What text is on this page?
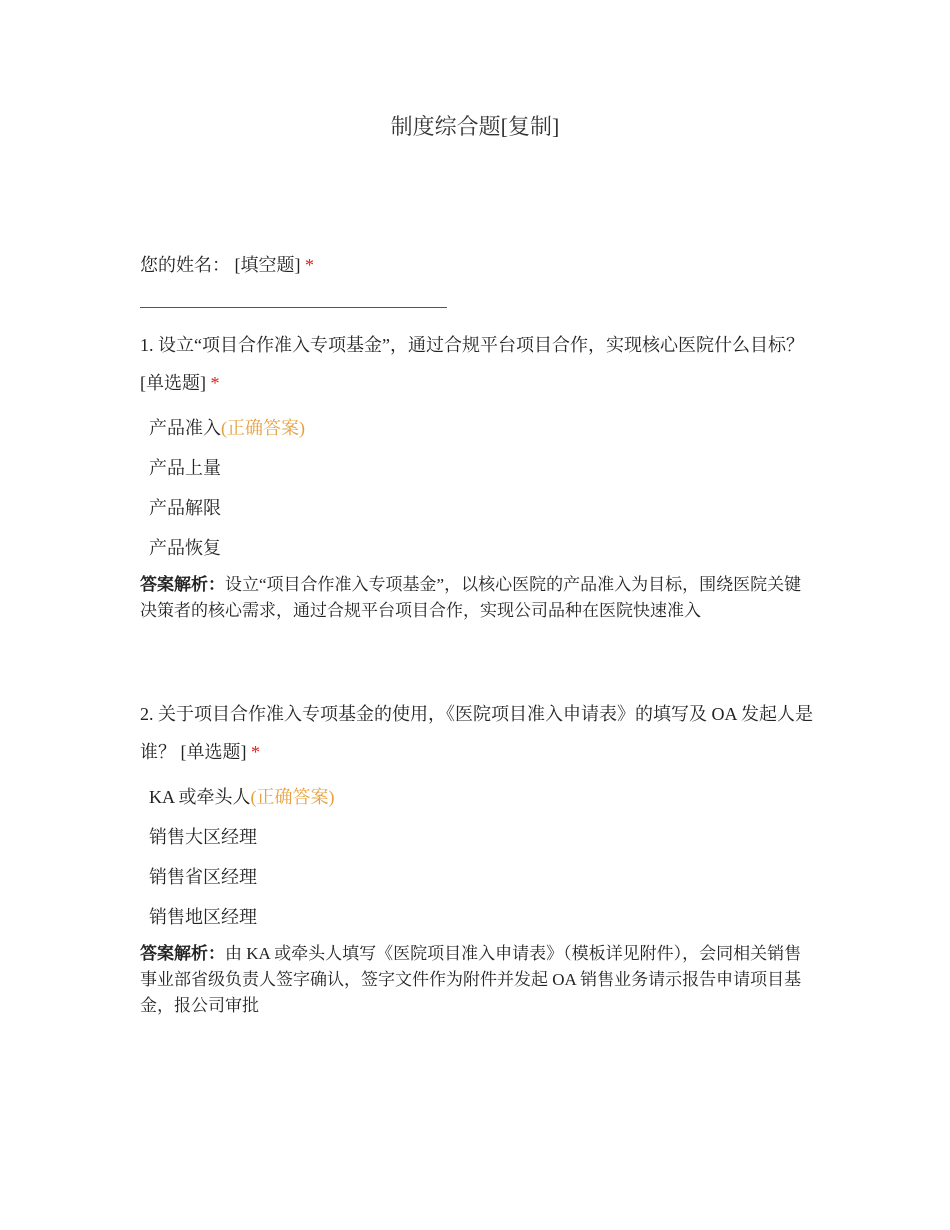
制度综合题[复制]
您的姓名： [填空题] *
1. 设立“项目合作准入专项基金”，通过合规平台项目合作，实现核心医院什么目标？ [单选题] *
产品准入(正确答案)
产品上量
产品解限
产品恢复
答案解析：设立“项目合作准入专项基金”，以核心医院的产品准入为目标，围绕医院关键决策者的核心需求，通过合规平台项目合作，实现公司品种在医院快速准入
2. 关于项目合作准入专项基金的使用，《医院项目准入申请表》的填写及 OA 发起人是谁？ [单选题] *
KA 或牵头人(正确答案)
销售大区经理
销售省区经理
销售地区经理
答案解析：由 KA 或牵头人填写《医院项目准入申请表》（模板详见附件），会同相关销售事业部省级负责人签字确认，签字文件作为附件并发起 OA 销售业务请示报告申请项目基金，报公司审批
